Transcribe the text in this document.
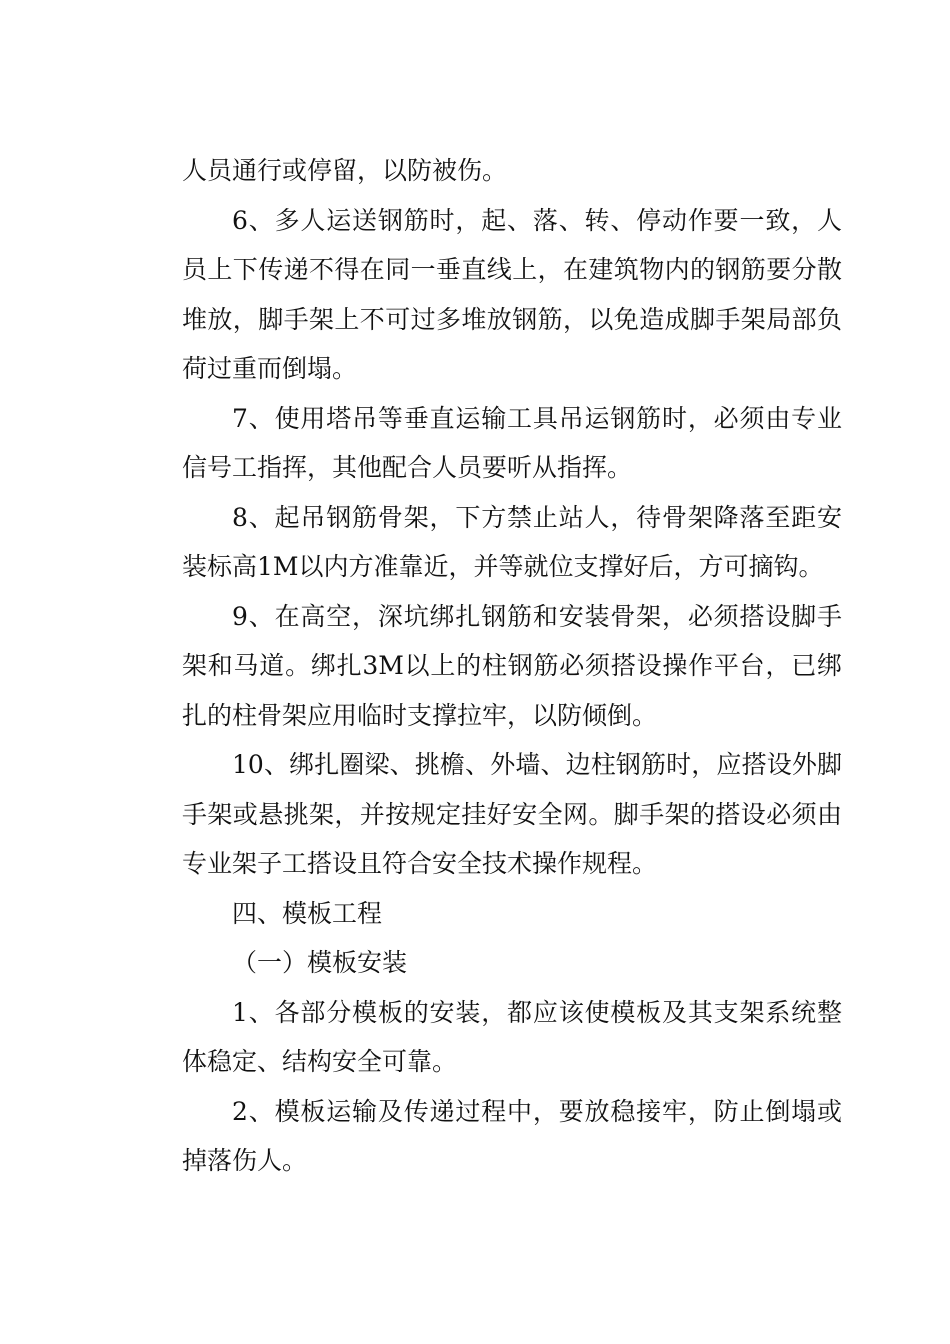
人员通行或停留，以防被伤。

6、多人运送钢筋时，起、落、转、停动作要一致，人员上下传递不得在同一垂直线上，在建筑物内的钢筋要分散堆放，脚手架上不可过多堆放钢筋，以免造成脚手架局部负荷过重而倒塌。

7、使用塔吊等垂直运输工具吊运钢筋时，必须由专业信号工指挥，其他配合人员要听从指挥。

8、起吊钢筋骨架，下方禁止站人，待骨架降落至距安装标高1M以内方准靠近，并等就位支撑好后，方可摘钩。

9、在高空，深坑绑扎钢筋和安装骨架，必须搭设脚手架和马道。绑扎3M以上的柱钢筋必须搭设操作平台，已绑扎的柱骨架应用临时支撑拉牢，以防倾倒。

10、绑扎圈梁、挑檐、外墙、边柱钢筋时，应搭设外脚手架或悬挑架，并按规定挂好安全网。脚手架的搭设必须由专业架子工搭设且符合安全技术操作规程。

四、模板工程

（一）模板安装

1、各部分模板的安装，都应该使模板及其支架系统整体稳定、结构安全可靠。

2、模板运输及传递过程中，要放稳接牢，防止倒塌或掉落伤人。
